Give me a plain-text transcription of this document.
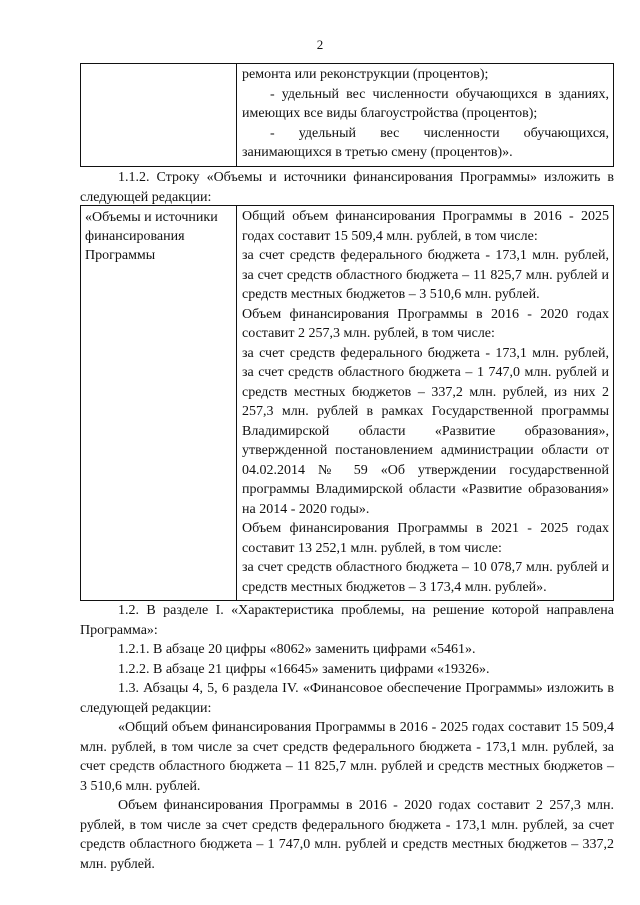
2

ремонта или реконструкции (процентов);

- удельный вес численности обучающихся в зданиях, имеющих все виды благоустройства (процентов);

- удельный вес численности обучающихся, занимающихся в третью смену (процентов)».

1.1.2. Строку «Объемы и источники финансирования Программы» изложить в следующей редакции:

«Объемы и источники финансирования Программы

Общий объем финансирования Программы в 2016 - 2025 годах составит 15 509,4 млн. рублей, в том числе:

за счет средств федерального бюджета - 173,1 млн. рублей, за счет средств областного бюджета – 11 825,7 млн. рублей и средств местных бюджетов – 3 510,6 млн. рублей.

Объем финансирования Программы в 2016 - 2020 годах составит 2 257,3 млн. рублей, в том числе:

за счет средств федерального бюджета - 173,1 млн. рублей, за счет средств областного бюджета – 1 747,0 млн. рублей и средств местных бюджетов – 337,2 млн. рублей, из них 2 257,3 млн. рублей в рамках Государственной программы Владимирской области «Развитие образования», утвержденной постановлением администрации области от 04.02.2014 № 59 «Об утверждении государственной программы Владимирской области «Развитие образования» на 2014 - 2020 годы».

Объем финансирования Программы в 2021 - 2025 годах составит 13 252,1 млн. рублей, в том числе:

за счет средств областного бюджета – 10 078,7 млн. рублей и средств местных бюджетов – 3 173,4 млн. рублей».

1.2. В разделе I. «Характеристика проблемы, на решение которой направлена Программа»:

1.2.1. В абзаце 20 цифры «8062» заменить цифрами «5461».

1.2.2. В абзаце 21 цифры «16645» заменить цифрами «19326».

1.3. Абзацы 4, 5, 6 раздела IV. «Финансовое обеспечение Программы» изложить в следующей редакции:

«Общий объем финансирования Программы в 2016 - 2025 годах составит 15 509,4 млн. рублей, в том числе за счет средств федерального бюджета - 173,1 млн. рублей, за счет средств областного бюджета – 11 825,7 млн. рублей и средств местных бюджетов – 3 510,6 млн. рублей.

Объем финансирования Программы в 2016 - 2020 годах составит 2 257,3 млн. рублей, в том числе за счет средств федерального бюджета - 173,1 млн. рублей, за счет средств областного бюджета – 1 747,0 млн. рублей и средств местных бюджетов – 337,2 млн. рублей.
